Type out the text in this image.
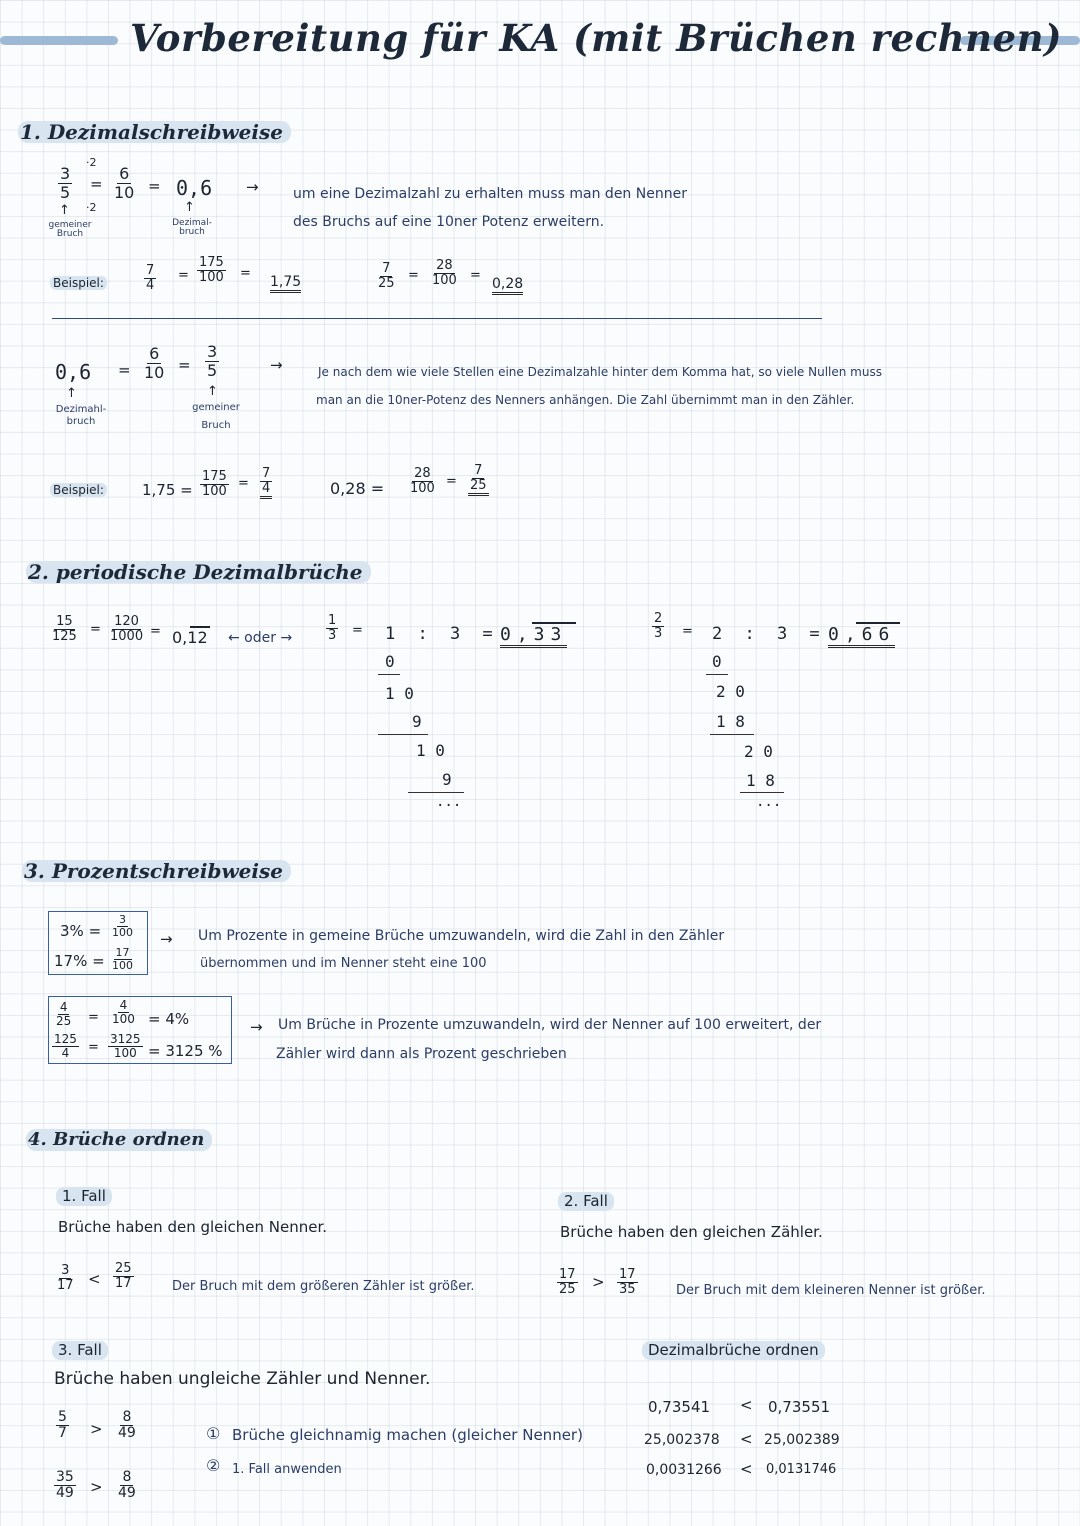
Vorbereitung für KA (mit Brüchen rechnen)
1. Dezimalschreibweise
$\frac{3}{5}$
·2
=
·2
$\frac{6}{10} = 0,6$ →
↑
gemeiner Bruch
↑
Dezimal-bruch
um eine Dezimalzahl zu erhalten muss man den Nenner
des Bruchs auf eine 10ner Potenz erweitern.
Beispiel:	$\frac{7}{4} = \frac{175}{100}$ =
1,75	$\frac{7}{25} = \frac{28}{100}$ =
0,28
$0,6 = \frac{6}{10} = \frac{3}{5}$	→
↑
Dezimahl-bruch
↑
gemeiner Bruch
Je nach dem wie viele Stellen eine Dezimalzahle hinter dem Komma hat, so viele Nullen muss
man an die 10ner-Potenz des Nenners anhängen. Die Zahl übernimmt man in den Zähler.
Beispiel:	$1,75 = \frac{175}{100} = \frac{7}{4}$	$0,28 = \frac{28}{100} = \frac{7}{25}$
2. periodische Dezimalbrüche
$\frac{15}{125} = \frac{120}{1000} = 0,12$ ← oder →	$\frac{1}{3} = 1$ : 3 = 0,33
0
1 0
9
1 0
9
...
$\frac{2}{3} = 2$ : 3 = 0,66
0
2 0
1 8
2 0
1 8
...
3. Prozentschreibweise
$3\% = \frac{3}{100}$
$17\% = \frac{17}{100}$
→ Um Prozente in gemeine Brüche umzuwandeln, wird die Zahl in den Zähler
übernommen und im Nenner steht eine 100
$\frac{4}{25} = \frac{4}{100} = 4\%$
$\frac{125}{4} = \frac{3125}{100} = 3125$ %
→ Um Brüche in Prozente umzuwandeln, wird der Nenner auf 100 erweitert, der
Zähler wird dann als Prozent geschrieben
4. Brüche ordnen
1. Fall
Brüche haben den gleichen Nenner.
$\frac{3}{17} < \frac{25}{17}$	Der Bruch mit dem größeren Zähler ist größer.
2. Fall
Brüche haben den gleichen Zähler.
$\frac{17}{25} > \frac{17}{35}$	Der Bruch mit dem kleineren Nenner ist größer.
3. Fall
Brüche haben ungleiche Zähler und Nenner.
$\frac{5}{7} > \frac{8}{49}$
$\frac{35}{49} > \frac{8}{49}$
① Brüche gleichnamig machen (gleicher Nenner)
② 1. Fall anwenden
Dezimalbrüche ordnen
0,73541 < 0,73551
25,002378 < 25,002389
0,0031266 < 0,0131746
